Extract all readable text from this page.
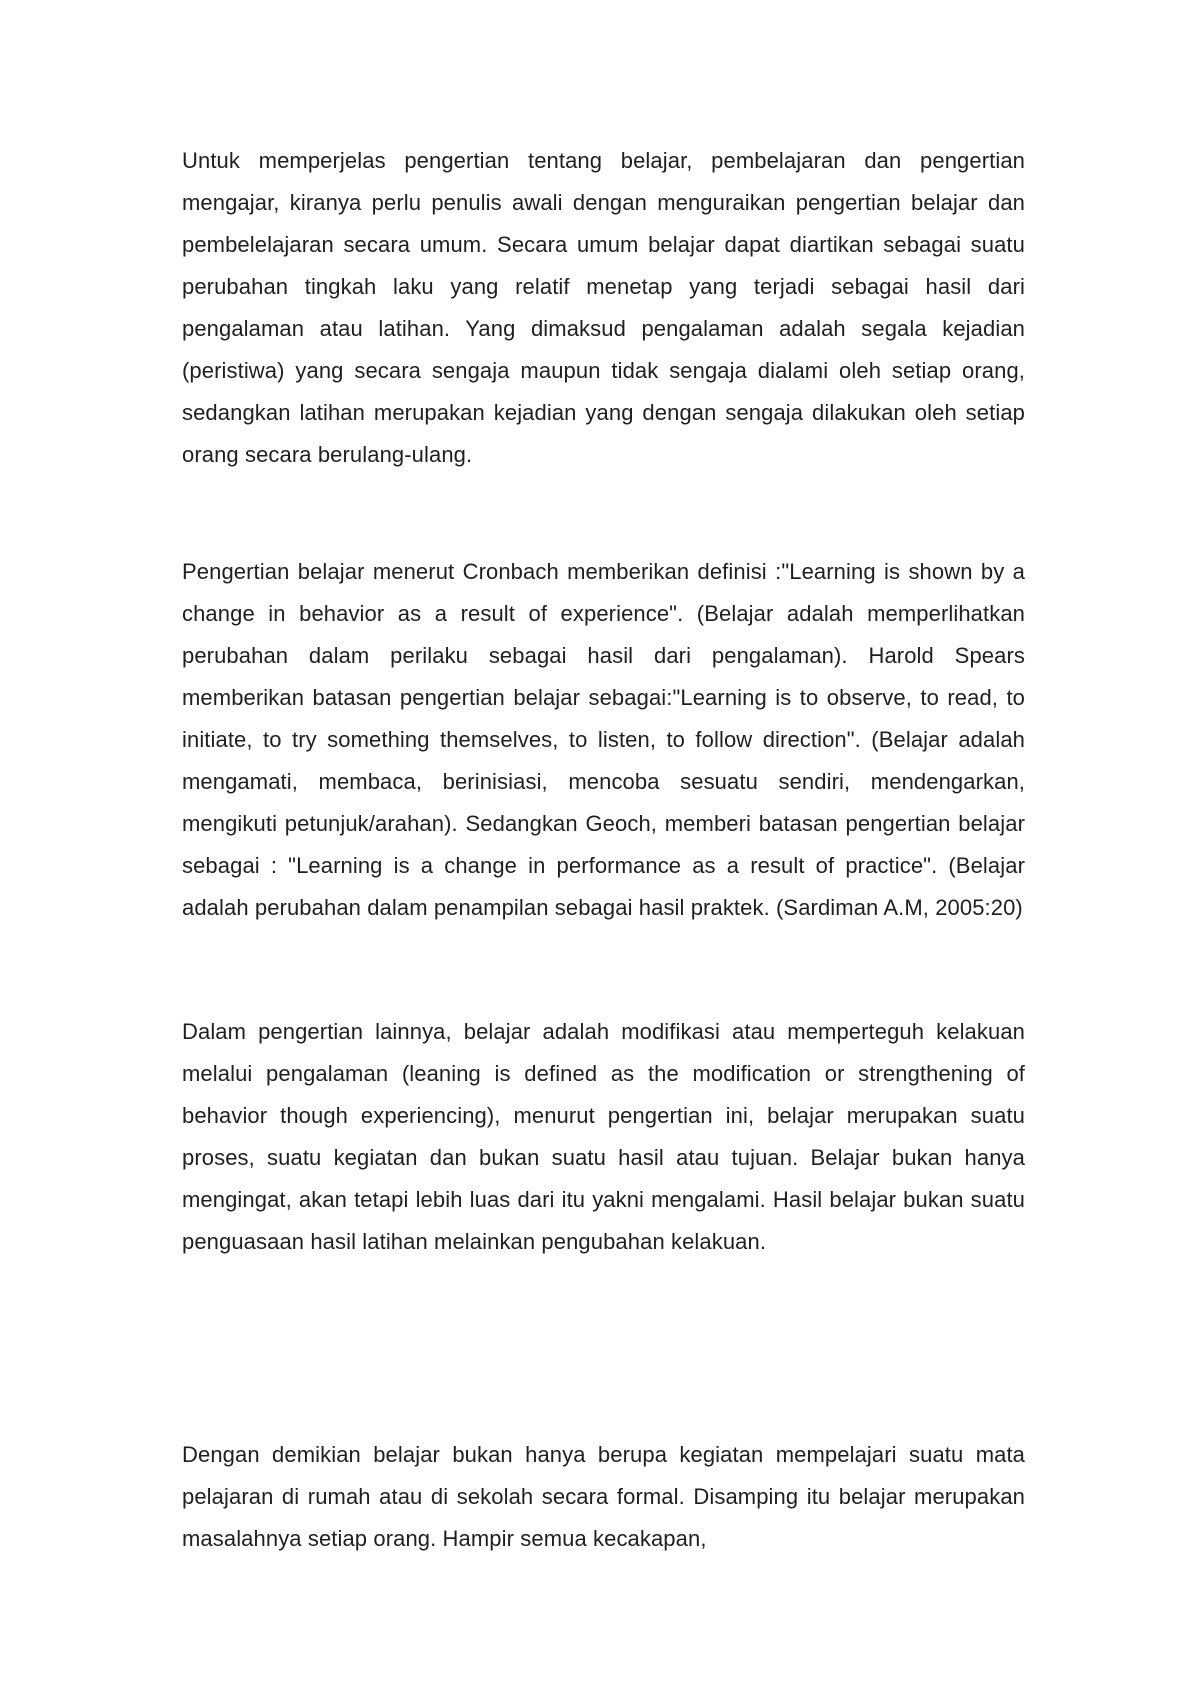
Untuk memperjelas pengertian tentang belajar, pembelajaran dan pengertian mengajar, kiranya perlu penulis awali dengan menguraikan pengertian belajar dan pembelelajaran secara umum. Secara umum belajar dapat diartikan sebagai suatu perubahan tingkah laku yang relatif menetap yang terjadi sebagai hasil dari pengalaman atau latihan. Yang dimaksud pengalaman adalah segala kejadian (peristiwa) yang secara sengaja maupun tidak sengaja dialami oleh setiap orang, sedangkan latihan merupakan kejadian yang dengan sengaja dilakukan oleh setiap orang secara berulang-ulang.

Pengertian belajar menerut Cronbach memberikan definisi :"Learning is shown by a change in behavior as a result of experience". (Belajar adalah memperlihatkan perubahan dalam perilaku sebagai hasil dari pengalaman). Harold Spears memberikan batasan pengertian belajar sebagai:"Learning is to observe, to read, to initiate, to try something themselves, to listen, to follow direction". (Belajar adalah mengamati, membaca, berinisiasi, mencoba sesuatu sendiri, mendengarkan, mengikuti petunjuk/arahan). Sedangkan Geoch, memberi batasan pengertian belajar sebagai : "Learning is a change in performance as a result of practice". (Belajar adalah perubahan dalam penampilan sebagai hasil praktek. (Sardiman A.M, 2005:20)

Dalam pengertian lainnya, belajar adalah modifikasi atau memperteguh kelakuan melalui pengalaman (leaning is defined as the modification or strengthening of behavior though experiencing), menurut pengertian ini, belajar merupakan suatu proses, suatu kegiatan dan bukan suatu hasil atau tujuan. Belajar bukan hanya mengingat, akan tetapi lebih luas dari itu yakni mengalami. Hasil belajar bukan suatu penguasaan hasil latihan melainkan pengubahan kelakuan.

Dengan demikian belajar bukan hanya berupa kegiatan mempelajari suatu mata pelajaran di rumah atau di sekolah secara formal. Disamping itu belajar merupakan masalahnya setiap orang. Hampir semua kecakapan,
